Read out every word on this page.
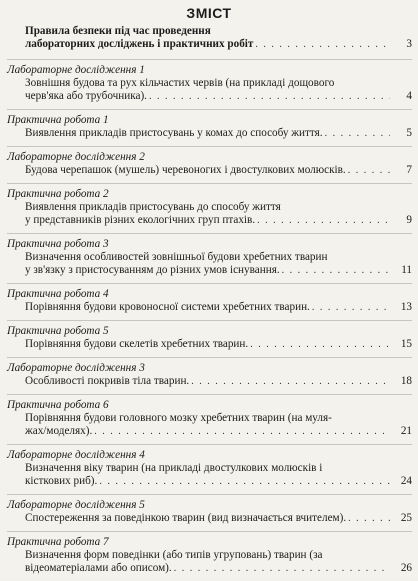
ЗМІСТ
Правила безпеки під час проведення
лабораторних досліджень і практичних робіт . . .	3
Лабораторне дослідження 1
Зовнішня будова та рух кільчастих червів (на прикладі дощового
черв'яка або трубочника). . . .	4
Практична робота 1
Виявлення прикладів пристосувань у комах до способу життя. . . .	5
Лабораторне дослідження 2
Будова черепашок (мушель) черевоногих і двостулкових молюсків. . . .	7
Практична робота 2
Виявлення прикладів пристосувань до способу життя
у представників різних екологічних груп птахів. . . .	9
Практична робота 3
Визначення особливостей зовнішньої будови хребетних тварин
у зв'язку з пристосуванням до різних умов існування. . . .	11
Практична робота 4
Порівняння будови кровоносної системи хребетних тварин. . . .	13
Практична робота 5
Порівняння будови скелетів хребетних тварин. . . .	15
Лабораторне дослідження 3
Особливості покривів тіла тварин. . . .	18
Практична робота 6
Порівняння будови головного мозку хребетних тварин (на муля-
жах/моделях). . . .	21
Лабораторне дослідження 4
Визначення віку тварин (на прикладі двостулкових молюсків і
кісткових риб). . . .	24
Лабораторне дослідження 5
Спостереження за поведінкою тварин (вид визначається вчителем). . . .	25
Практична робота 7
Визначення форм поведінки (або типів угруповань) тварин (за
відеоматеріалами або описом). . . .	26
